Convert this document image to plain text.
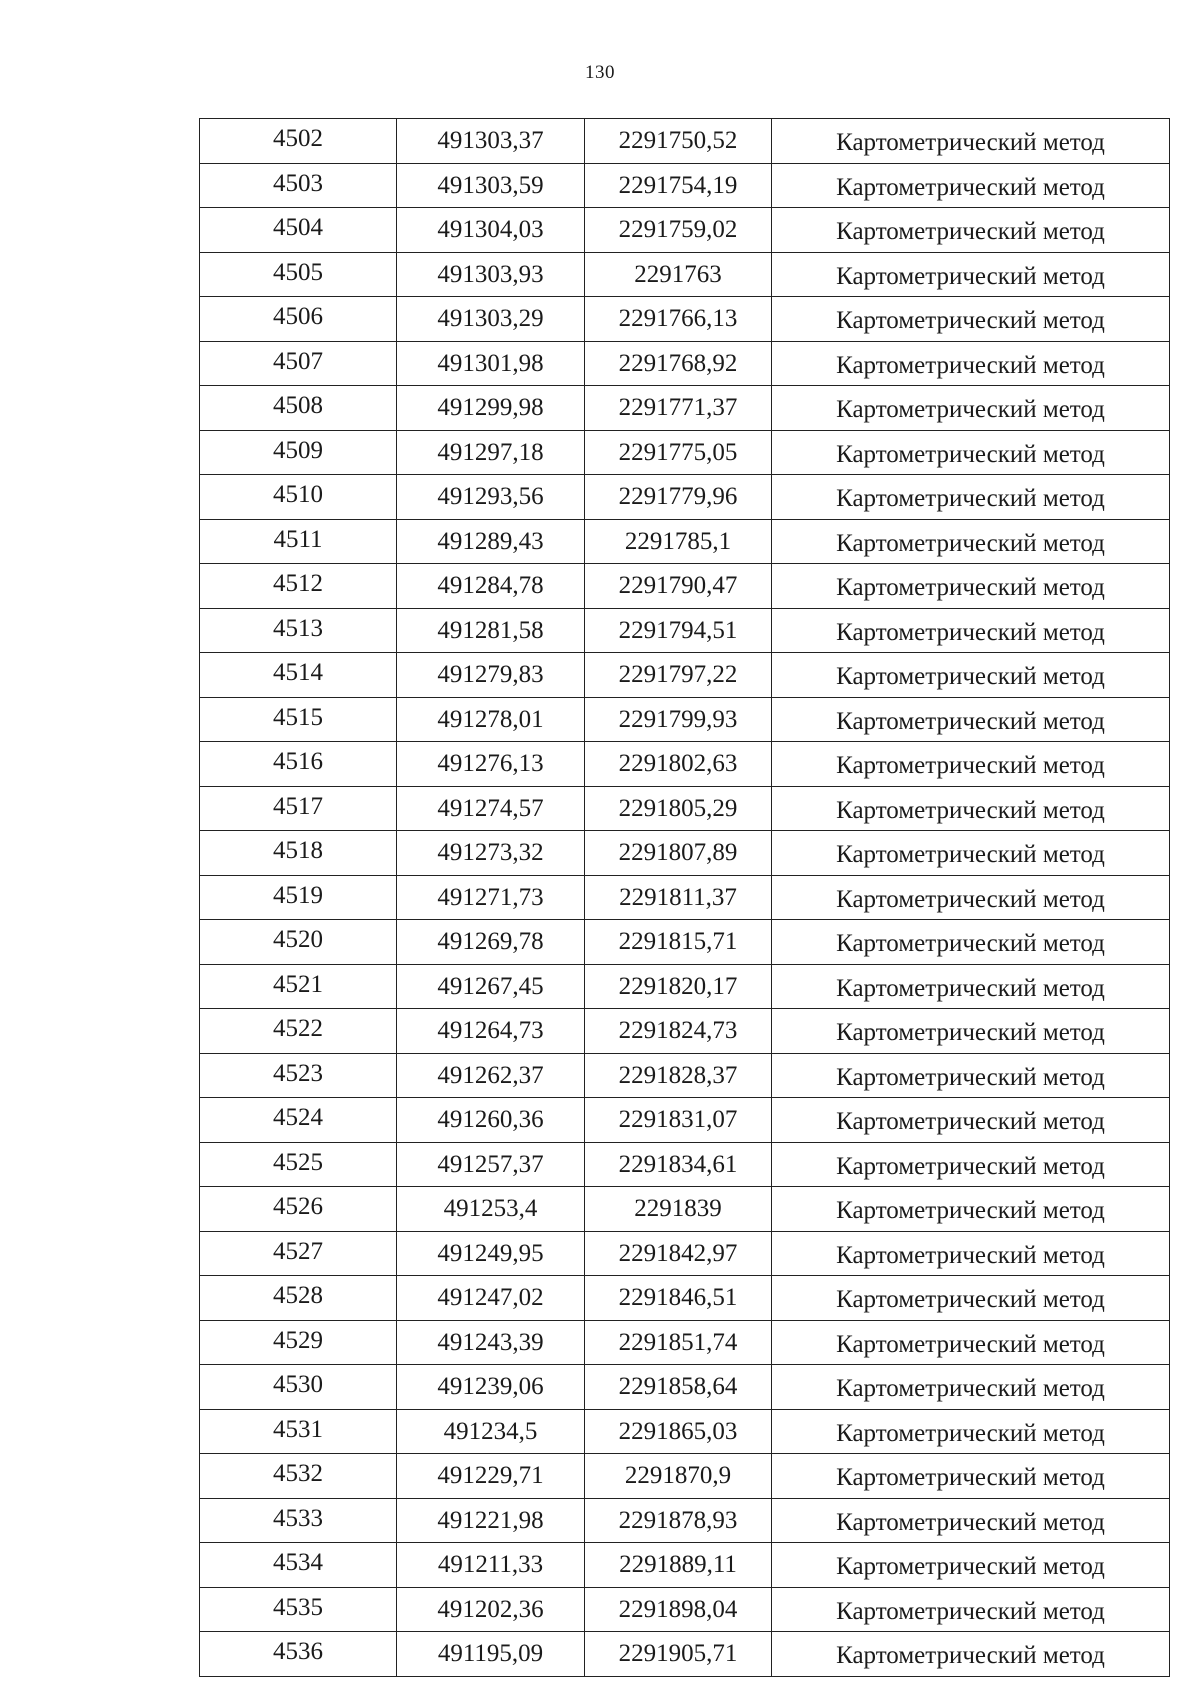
130
4502	491303,37	2291750,52	Картометрический метод
4503	491303,59	2291754,19	Картометрический метод
4504	491304,03	2291759,02	Картометрический метод
4505	491303,93	2291763	Картометрический метод
4506	491303,29	2291766,13	Картометрический метод
4507	491301,98	2291768,92	Картометрический метод
4508	491299,98	2291771,37	Картометрический метод
4509	491297,18	2291775,05	Картометрический метод
4510	491293,56	2291779,96	Картометрический метод
4511	491289,43	2291785,1	Картометрический метод
4512	491284,78	2291790,47	Картометрический метод
4513	491281,58	2291794,51	Картометрический метод
4514	491279,83	2291797,22	Картометрический метод
4515	491278,01	2291799,93	Картометрический метод
4516	491276,13	2291802,63	Картометрический метод
4517	491274,57	2291805,29	Картометрический метод
4518	491273,32	2291807,89	Картометрический метод
4519	491271,73	2291811,37	Картометрический метод
4520	491269,78	2291815,71	Картометрический метод
4521	491267,45	2291820,17	Картометрический метод
4522	491264,73	2291824,73	Картометрический метод
4523	491262,37	2291828,37	Картометрический метод
4524	491260,36	2291831,07	Картометрический метод
4525	491257,37	2291834,61	Картометрический метод
4526	491253,4	2291839	Картометрический метод
4527	491249,95	2291842,97	Картометрический метод
4528	491247,02	2291846,51	Картометрический метод
4529	491243,39	2291851,74	Картометрический метод
4530	491239,06	2291858,64	Картометрический метод
4531	491234,5	2291865,03	Картометрический метод
4532	491229,71	2291870,9	Картометрический метод
4533	491221,98	2291878,93	Картометрический метод
4534	491211,33	2291889,11	Картометрический метод
4535	491202,36	2291898,04	Картометрический метод
4536	491195,09	2291905,71	Картометрический метод
